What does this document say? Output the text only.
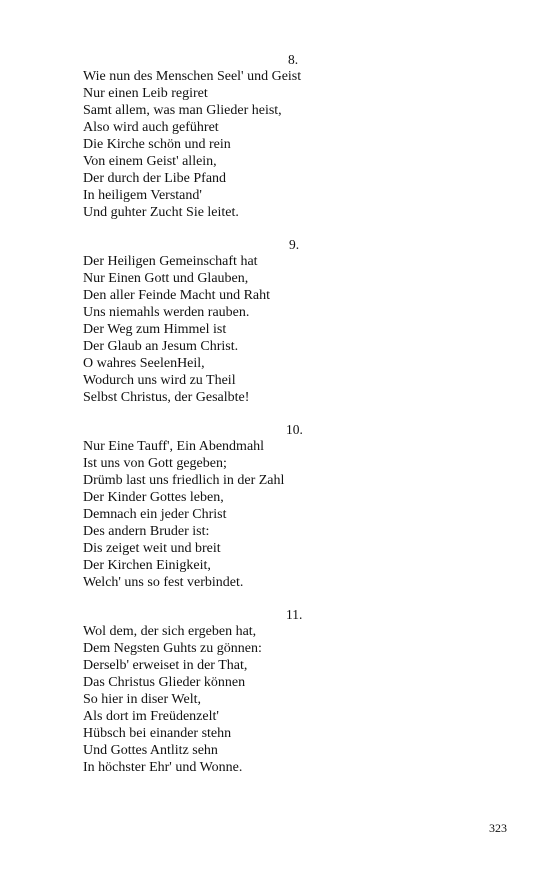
8.
Wie nun des Menschen Seel' und Geist
Nur einen Leib regiret
Samt allem, was man Glieder heist,
Also wird auch geführet
Die Kirche schön und rein
Von einem Geist' allein,
Der durch der Libe Pfand
In heiligem Verstand'
Und guhter Zucht Sie leitet.
9.
Der Heiligen Gemeinschaft hat
Nur Einen Gott und Glauben,
Den aller Feinde Macht und Raht
Uns niemahls werden rauben.
Der Weg zum Himmel ist
Der Glaub an Jesum Christ.
O wahres SeelenHeil,
Wodurch uns wird zu Theil
Selbst Christus, der Gesalbte!
10.
Nur Eine Tauff', Ein Abendmahl
Ist uns von Gott gegeben;
Drümb last uns friedlich in der Zahl
Der Kinder Gottes leben,
Demnach ein jeder Christ
Des andern Bruder ist:
Dis zeiget weit und breit
Der Kirchen Einigkeit,
Welch' uns so fest verbindet.
11.
Wol dem, der sich ergeben hat,
Dem Negsten Guhts zu gönnen:
Derselb' erweiset in der That,
Das Christus Glieder können
So hier in diser Welt,
Als dort im Freüdenzelt'
Hübsch bei einander stehn
Und Gottes Antlitz sehn
In höchster Ehr' und Wonne.
323
